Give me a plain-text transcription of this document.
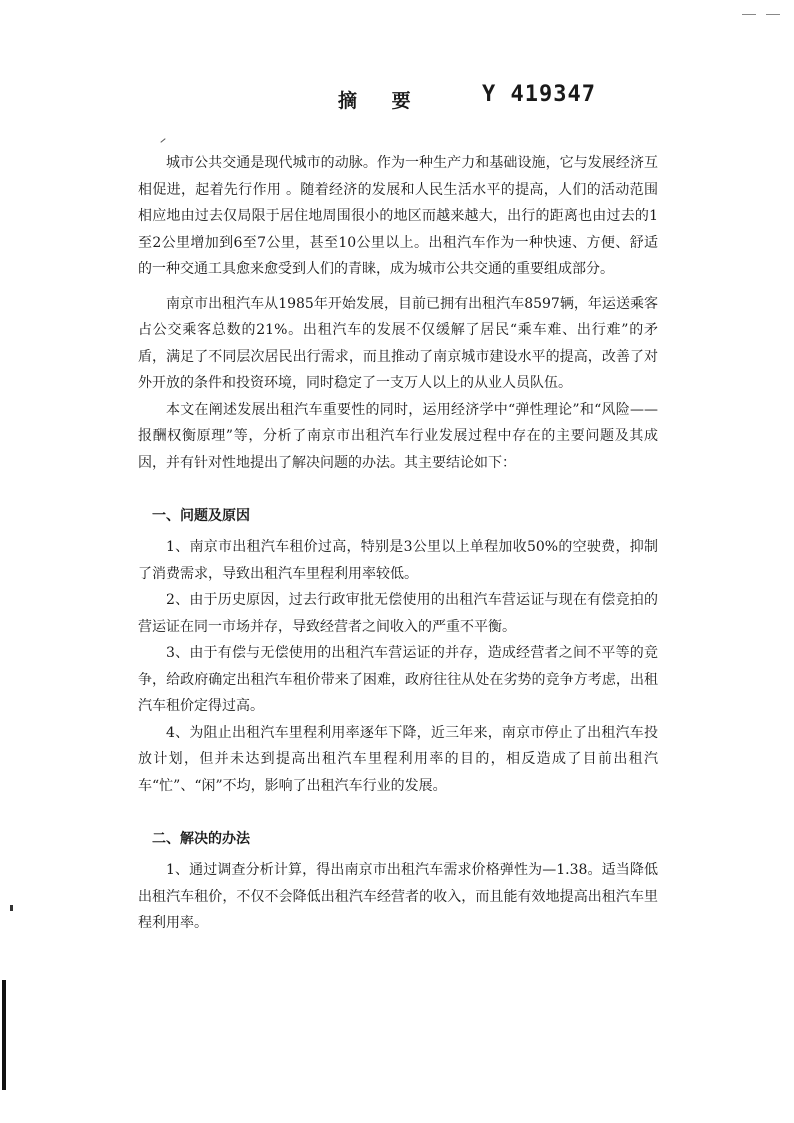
摘 要	Y 419347

城市公共交通是现代城市的动脉。作为一种生产力和基础设施，它与发展经济互相促进，起着先行作用 。随着经济的发展和人民生活水平的提高，人们的活动范围相应地由过去仅局限于居住地周围很小的地区而越来越大，出行的距离也由过去的1至2公里增加到6至7公里，甚至10公里以上。出租汽车作为一种快速、方便、舒适的一种交通工具愈来愈受到人们的青睐，成为城市公共交通的重要组成部分。

南京市出租汽车从1985年开始发展，目前已拥有出租汽车8597辆，年运送乘客占公交乘客总数的21%。出租汽车的发展不仅缓解了居民“乘车难、出行难”的矛盾，满足了不同层次居民出行需求，而且推动了南京城市建设水平的提高，改善了对外开放的条件和投资环境，同时稳定了一支万人以上的从业人员队伍。

本文在阐述发展出租汽车重要性的同时，运用经济学中“弹性理论”和“风险——报酬权衡原理”等，分析了南京市出租汽车行业发展过程中存在的主要问题及其成因，并有针对性地提出了解决问题的办法。其主要结论如下：

一、问题及原因

1、南京市出租汽车租价过高，特别是3公里以上单程加收50%的空驶费，抑制了消费需求，导致出租汽车里程利用率较低。

2、由于历史原因，过去行政审批无偿使用的出租汽车营运证与现在有偿竞拍的营运证在同一市场并存，导致经营者之间收入的严重不平衡。

3、由于有偿与无偿使用的出租汽车营运证的并存，造成经营者之间不平等的竞争，给政府确定出租汽车租价带来了困难，政府往往从处在劣势的竞争方考虑，出租汽车租价定得过高。

4、为阻止出租汽车里程利用率逐年下降，近三年来，南京市停止了出租汽车投放计划，但并未达到提高出租汽车里程利用率的目的，相反造成了目前出租汽车“忙”、“闲”不均，影响了出租汽车行业的发展。

二、解决的办法

1、通过调查分析计算，得出南京市出租汽车需求价格弹性为—1.38。适当降低出租汽车租价，不仅不会降低出租汽车经营者的收入，而且能有效地提高出租汽车里程利用率。
